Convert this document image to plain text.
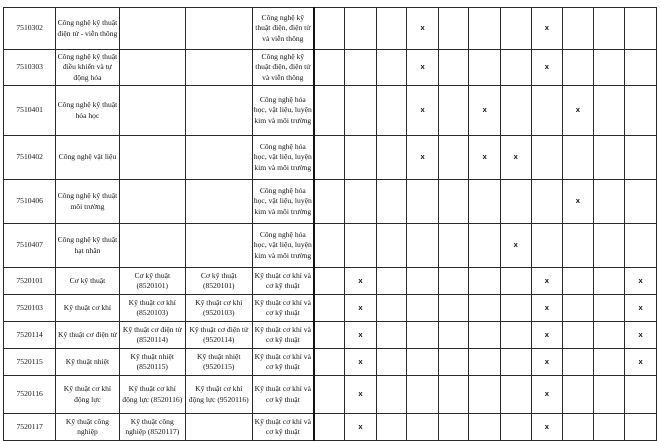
7510302	Công nghệ kỹ thuật điện tử - viễn thông			Công nghệ kỹ thuật điện, điện tử và viễn thông				x				x			
7510303	Công nghệ kỹ thuật điều khiển và tự động hóa			Công nghệ kỹ thuật điện, điện tử và viễn thông				x				x			
7510401	Công nghệ kỹ thuật hóa học			Công nghệ hóa học, vật liệu, luyện kim và môi trường				x		x			x		
7510402	Công nghệ vật liệu			Công nghệ hóa học, vật liệu, luyện kim và môi trường				x		x	x				
7510406	Công nghệ kỹ thuật môi trường			Công nghệ hóa học, vật liệu, luyện kim và môi trường									x		
7510407	Công nghệ kỹ thuật hạt nhân			Công nghệ hóa học, vật liệu, luyện kim và môi trường							x				
7520101	Cơ kỹ thuật	Cơ kỹ thuật (8520101)	Cơ kỹ thuật (8520101)	Kỹ thuật cơ khí và cơ kỹ thuật		x						x			x
7520103	Kỹ thuật cơ khí	Kỹ thuật cơ khí (8520103)	Kỹ thuật cơ khí (9520103)	Kỹ thuật cơ khí và cơ kỹ thuật		x						x			x
7520114	Kỹ thuật cơ điện tử	Kỹ thuật cơ điện tử (8520114)	Kỹ thuật cơ điện tử (9520114)	Kỹ thuật cơ khí và cơ kỹ thuật		x						x			x
7520115	Kỹ thuật nhiệt	Kỹ thuật nhiệt (8520115)	Kỹ thuật nhiệt (9520115)	Kỹ thuật cơ khí và cơ kỹ thuật		x						x			x
7520116	Kỹ thuật cơ khí động lực	Kỹ thuật cơ khí động lực (8520116)	Kỹ thuật cơ khí động lực (9520116)	Kỹ thuật cơ khí và cơ kỹ thuật		x						x			
7520117	Kỹ thuật công nghiệp	Kỹ thuật công nghiệp (8520117)		Kỹ thuật cơ khí và cơ kỹ thuật		x						x			
